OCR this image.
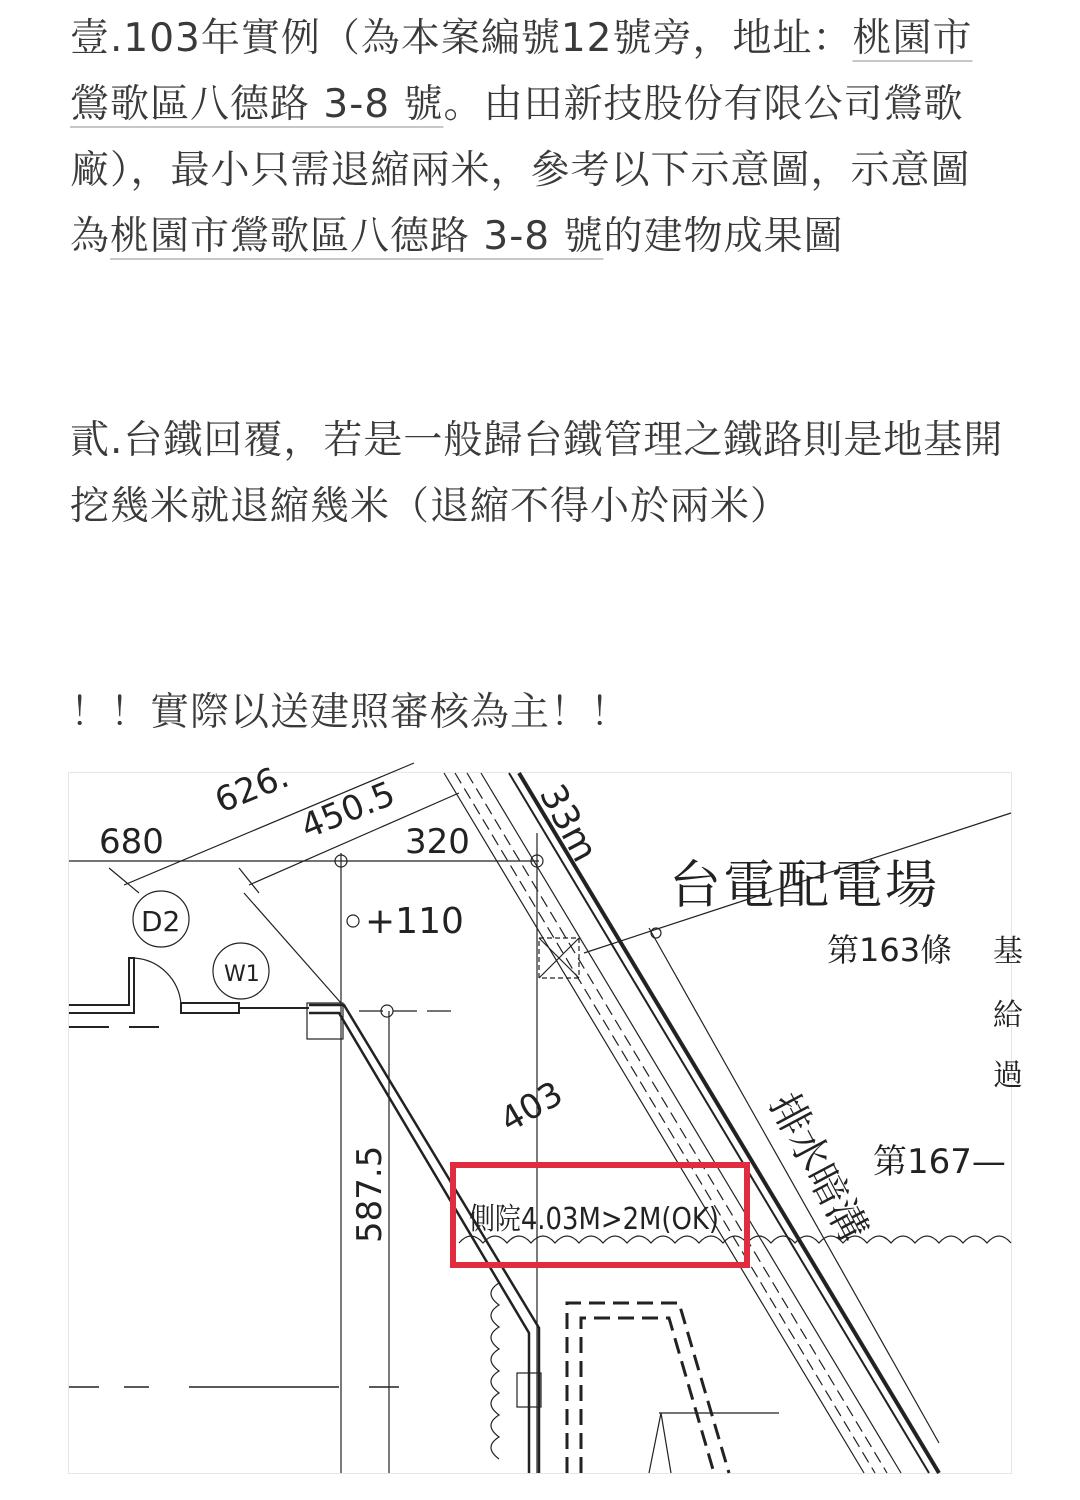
壹.103年實例（為本案編號12號旁，地址：桃園市鶯歌區八德路 3-8 號。由田新技股份有限公司鶯歌廠），最小只需退縮兩米，參考以下示意圖，示意圖為桃園市鶯歌區八德路 3-8 號的建物成果圖

貳.台鐵回覆，若是一般歸台鐵管理之鐵路則是地基開挖幾米就退縮幾米（退縮不得小於兩米）

！！實際以送建照審核為主！！

626. 450.5
680	320 33m
+110
D2
W1
403
587.5
台電配電場
第163條 基
給
過
排水暗溝
第167—
側院4.03M>2M(OK)
